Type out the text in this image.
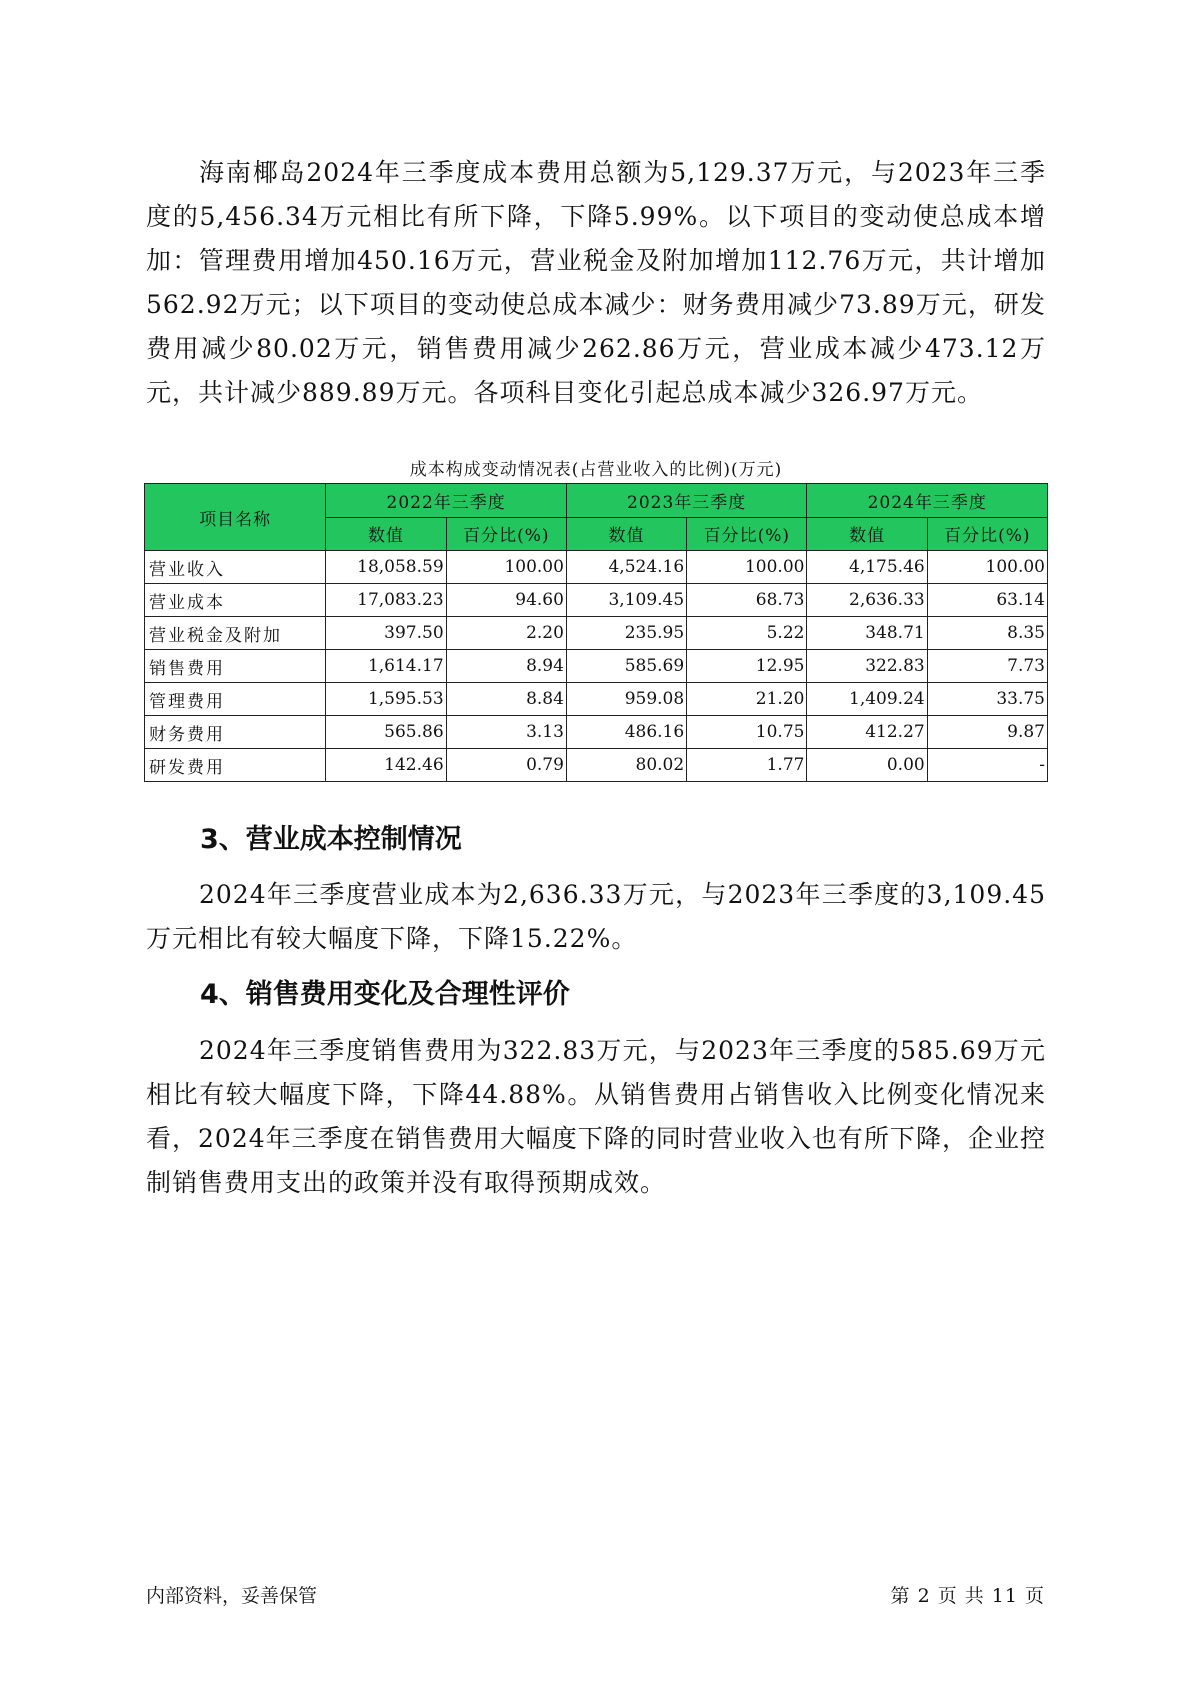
海南椰岛2024年三季度成本费用总额为5,129.37万元，与2023年三季度的5,456.34万元相比有所下降，下降5.99%。以下项目的变动使总成本增加：管理费用增加450.16万元，营业税金及附加增加112.76万元，共计增加562.92万元；以下项目的变动使总成本减少：财务费用减少73.89万元，研发费用减少80.02万元，销售费用减少262.86万元，营业成本减少473.12万元，共计减少889.89万元。各项科目变化引起总成本减少326.97万元。

成本构成变动情况表(占营业收入的比例)(万元)
项目名称	2022年三季度		2023年三季度		2024年三季度	
	数值	百分比(%)	数值	百分比(%)	数值	百分比(%)
营业收入	18,058.59	100.00	4,524.16	100.00	4,175.46	100.00
营业成本	17,083.23	94.60	3,109.45	68.73	2,636.33	63.14
营业税金及附加	397.50	2.20	235.95	5.22	348.71	8.35
销售费用	1,614.17	8.94	585.69	12.95	322.83	7.73
管理费用	1,595.53	8.84	959.08	21.20	1,409.24	33.75
财务费用	565.86	3.13	486.16	10.75	412.27	9.87
研发费用	142.46	0.79	80.02	1.77	0.00	-
3、营业成本控制情况

2024年三季度营业成本为2,636.33万元，与2023年三季度的3,109.45万元相比有较大幅度下降，下降15.22%。

4、销售费用变化及合理性评价

2024年三季度销售费用为322.83万元，与2023年三季度的585.69万元相比有较大幅度下降，下降44.88%。从销售费用占销售收入比例变化情况来看，2024年三季度在销售费用大幅度下降的同时营业收入也有所下降，企业控制销售费用支出的政策并没有取得预期成效。

内部资料，妥善保管	第 2 页 共 11 页
